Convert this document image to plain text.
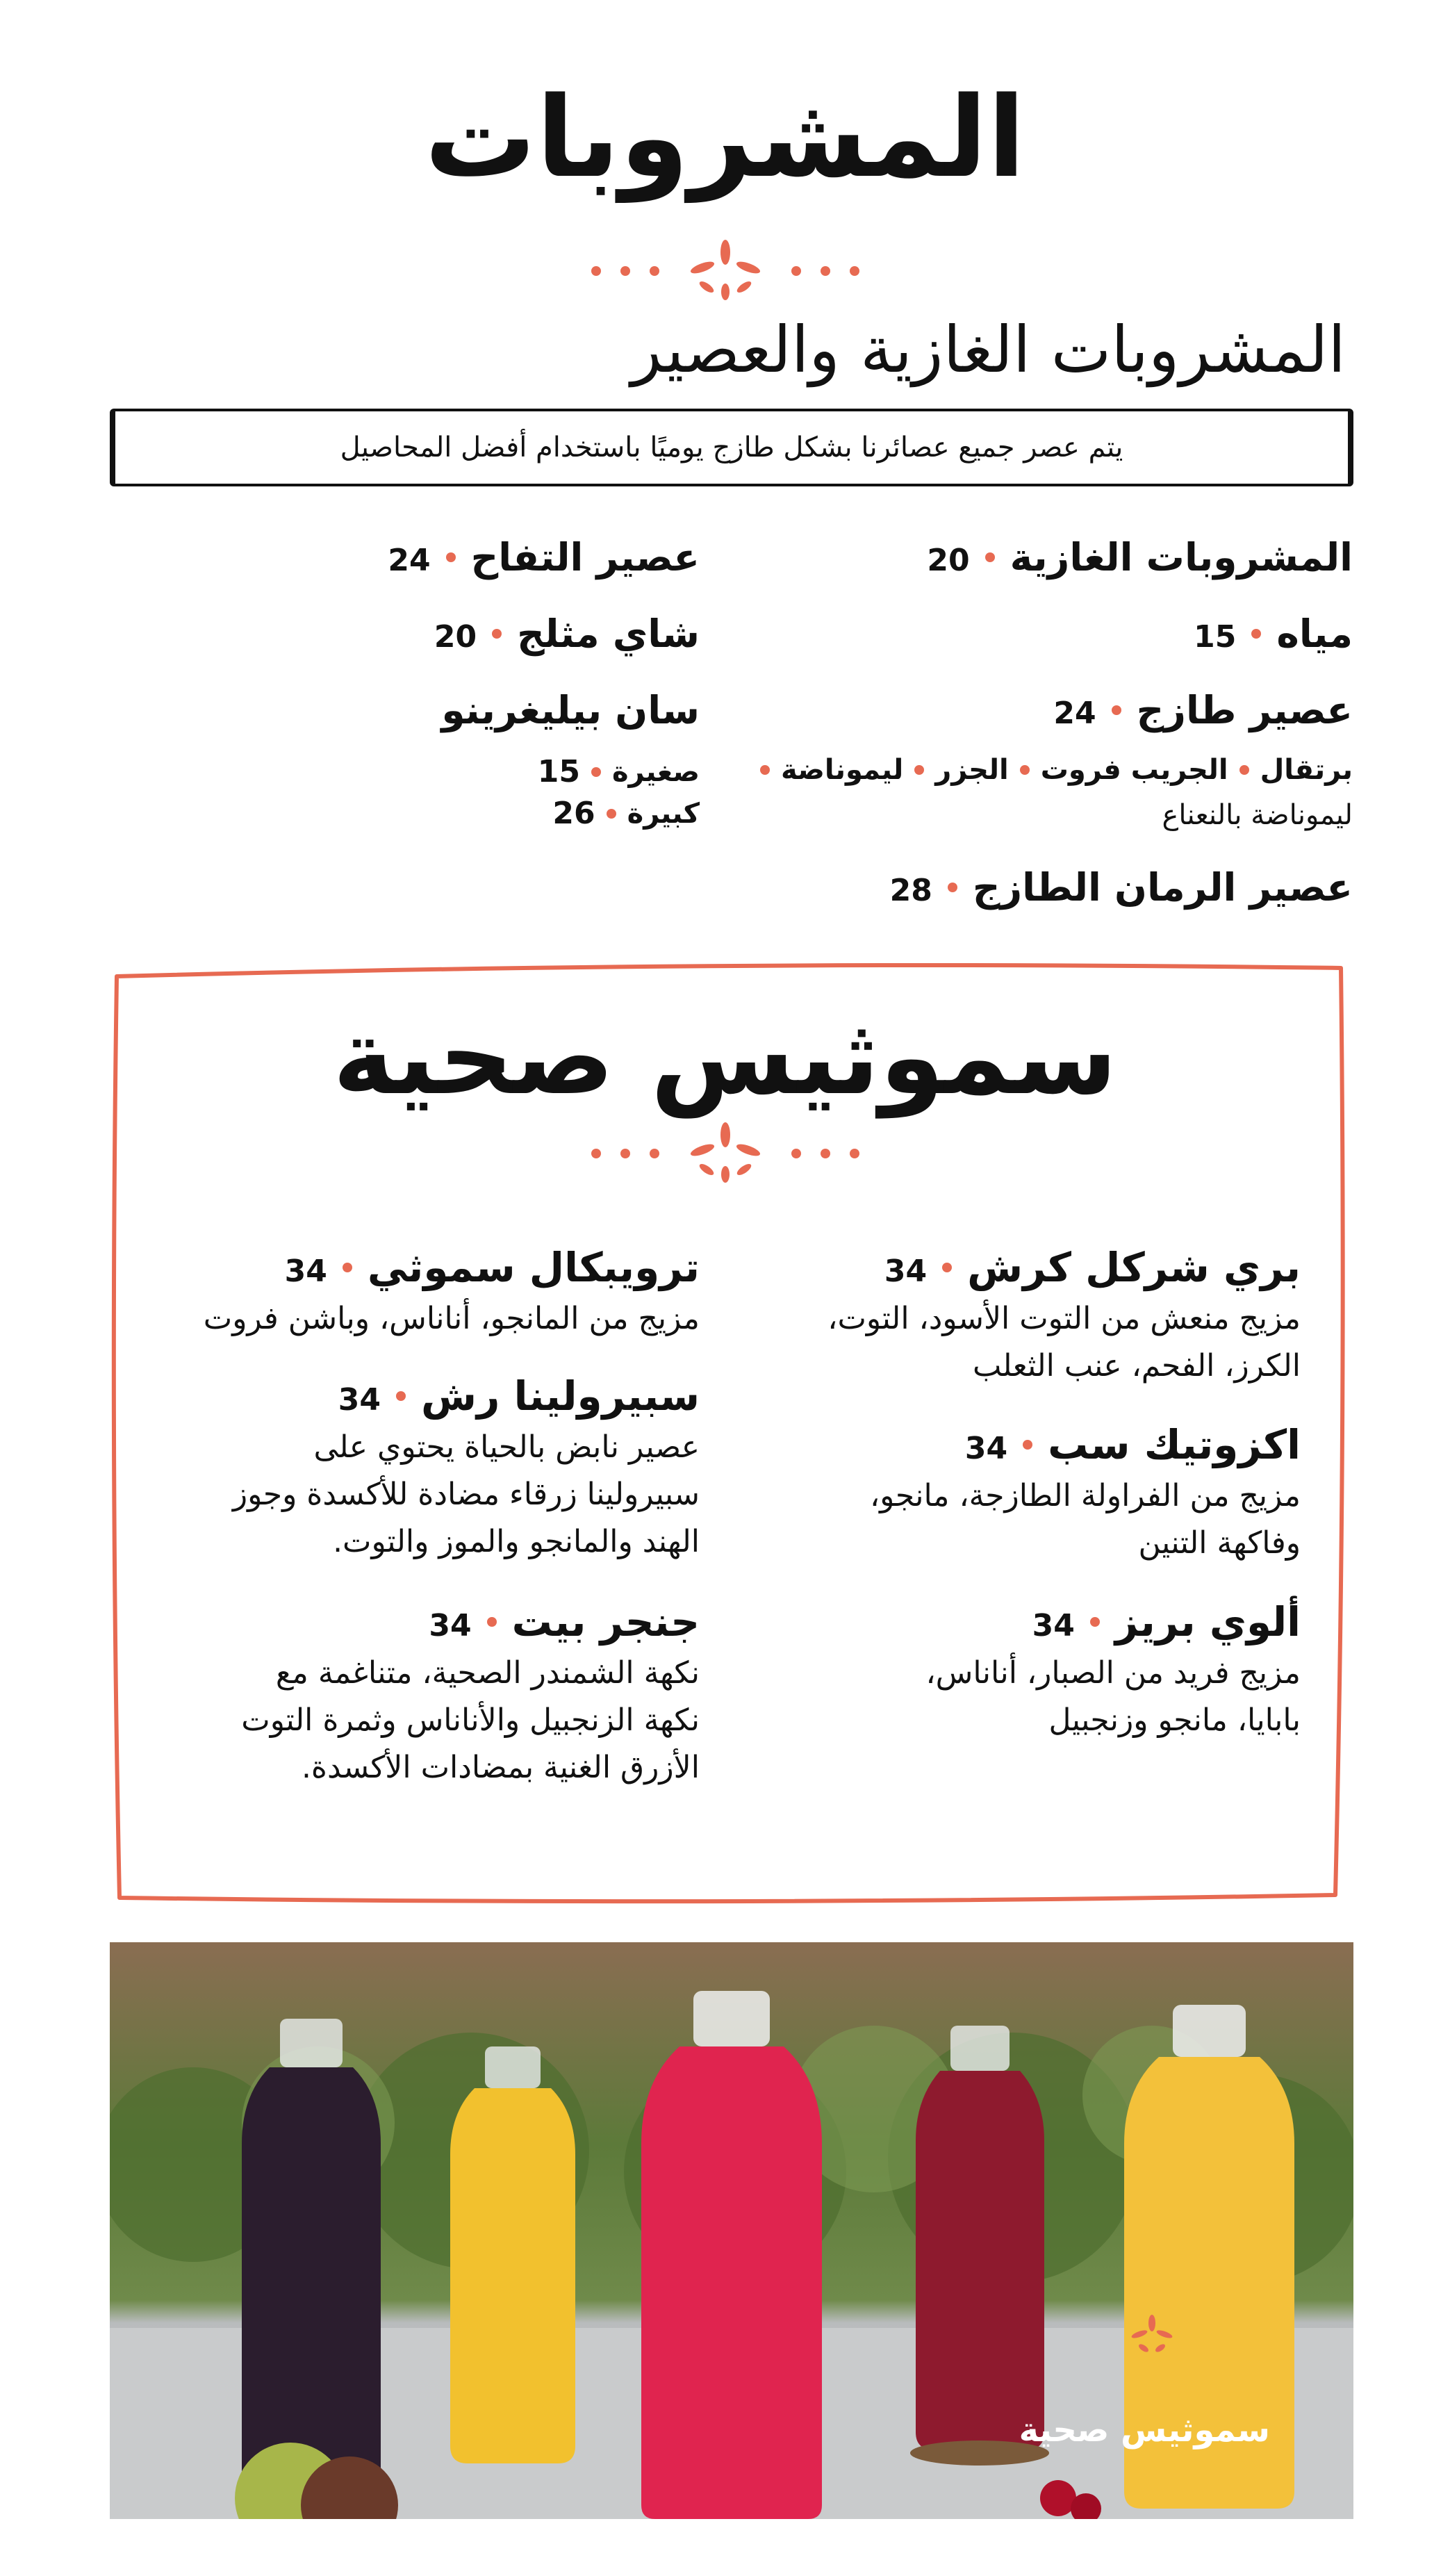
المشروبات
المشروبات الغازية والعصير
يتم عصر جميع عصائرنا بشكل طازج يوميًا باستخدام أفضل المحاصيل
المشروبات الغازية
20
مياه
15
عصير طازج
24
برتقال
الجريب فروت
الجزر
ليموناضة
ليموناضة بالنعناع
عصير الرمان الطازج
28
عصير التفاح
24
شاي مثلج
20
سان بيليغرينو
صغيرة
15
كبيرة
26
سموثيس صحية
بري شركل كرش
34
مزيج منعش من التوت الأسود، التوت،
الكرز، الفحم، عنب الثعلب
اكزوتيك سب
34
مزيج من الفراولة الطازجة، مانجو،
وفاكهة التنين
ألوي بريز
34
مزيج فريد من الصبار، أناناس،
بابايا، مانجو وزنجبيل
ترويبكال سموثي
34
مزيج من المانجو، أناناس، وباشن فروت
سبيرولينا رش
34
عصير نابض بالحياة يحتوي على
سبيرولينا زرقاء مضادة للأكسدة وجوز
الهند والمانجو والموز والتوت.
جنجر بيت
34
نكهة الشمندر الصحية، متناغمة مع
نكهة الزنجبيل والأناناس وثمرة التوت
الأزرق الغنية بمضادات الأكسدة.
سموثيس صحية
